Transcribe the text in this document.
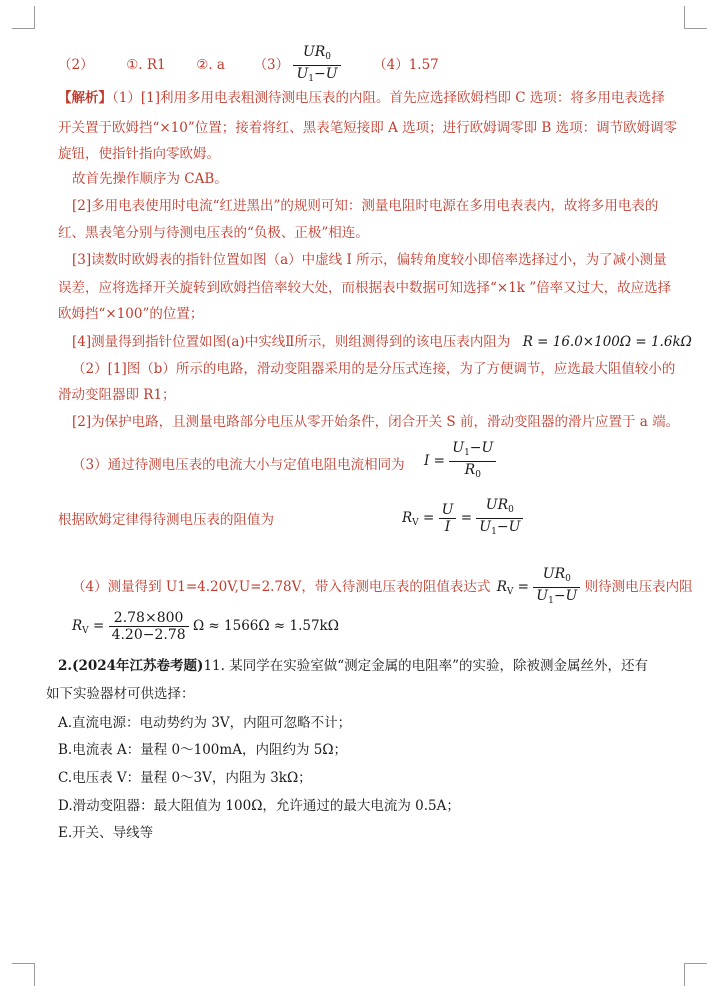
（2） ①. R1 ②. a $(3) \frac{UR_0}{U_1-U} (4)1.57$
【解析】（1）[1]利用多用电表粗测待测电压表的内阻。首先应选择欧姆档即 C 选项：将多用电表选择
开关置于欧姆挡“×10”位置；接着将红、黑表笔短接即 A 选项；进行欧姆调零即 B 选项：调节欧姆调零
旋钮，使指针指向零欧姆。
故首先操作顺序为 CAB。
[2]多用电表使用时电流“红进黑出”的规则可知：测量电阻时电源在多用电表表内，故将多用电表的
红、黑表笔分别与待测电压表的“负极、正极”相连。
[3]读数时欧姆表的指针位置如图（a）中虚线 I 所示，偏转角度较小即倍率选择过小，为了减小测量
误差，应将选择开关旋转到欧姆挡倍率较大处，而根据表中数据可知选择“×1k ”倍率又过大，故应选择
欧姆挡“×100”的位置；
[4]测量得到指针位置如图(a)中实线Ⅱ所示，则组测得到的该电压表内阻为 R = 16.0×100Ω = 1.6kΩ
（2）[1]图（b）所示的电路，滑动变阻器采用的是分压式连接，为了方便调节，应选最大阻值较小的
滑动变阻器即 R1；
[2]为保护电路，且测量电路部分电压从零开始条件，闭合开关 S 前，滑动变阻器的滑片应置于 a 端。
（3）通过待测电压表的电流大小与定值电阻电流相同为 $I = \frac{U_1-U}{R_0}$
根据欧姆定律得待测电压表的阻值为	$R_V = \frac{U}{I} = \frac{UR_0}{U_1-U}$
（4）测量得到 U1=4.20V,U=2.78V，带入待测电压表的阻值表达式 $R_V = \frac{UR_0}{U_1-U}$ 则待测电压表内阻
$R_V = \frac{2.78\times 800}{4.20-2.78}$ Ω ≈ 1566Ω ≈ 1.57kΩ
2.(2024年江苏卷考题)11. 某同学在实验室做“测定金属的电阻率”的实验，除被测金属丝外，还有
如下实验器材可供选择：
A.直流电源：电动势约为 3V，内阻可忽略不计；
B.电流表 A：量程 0～100mA，内阻约为 5Ω；
C.电压表 V：量程 0～3V，内阻为 3kΩ；
D.滑动变阻器：最大阻值为 100Ω，允许通过的最大电流为 0.5A；
E.开关、导线等
